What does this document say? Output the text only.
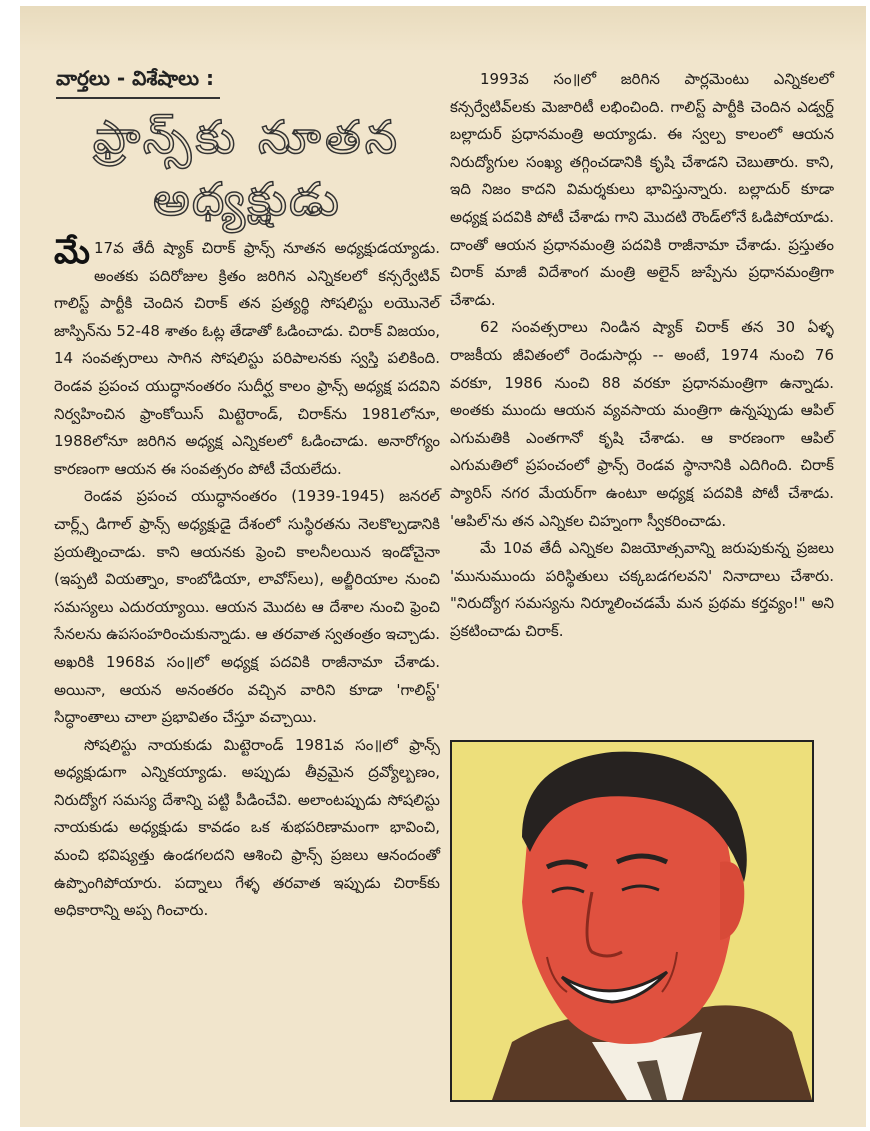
వార్తలు - విశేషాలు :
ఫ్రాన్స్‌కు నూతన
అధ్యక్షుడు

మే 17వ తేదీ ష్యాక్ చిరాక్ ఫ్రాన్స్ నూతన అధ్యక్షుడయ్యాడు. అంతకు పదిరోజుల క్రితం జరిగిన ఎన్నికలలో కన్సర్వేటివ్ గాలిస్ట్ పార్టీకి చెందిన చిరాక్ తన ప్రత్యర్థి సోషలిస్టు లయొనెల్ జాస్పిన్‌ను 52-48 శాతం ఓట్ల తేడాతో ఓడించాడు. చిరాక్ విజయం, 14 సంవత్సరాలు సాగిన సోషలిస్టు పరిపాలనకు స్వస్తి పలికింది. రెండవ ప్రపంచ యుద్ధానంతరం సుదీర్ఘ కాలం ఫ్రాన్స్ అధ్యక్ష పదవిని నిర్వహించిన ఫ్రాంకోయిస్ మిట్టెరాండ్, చిరాక్‌ను 1981లోనూ, 1988లోనూ జరిగిన అధ్యక్ష ఎన్నికలలో ఓడించాడు. అనారోగ్యం కారణంగా ఆయన ఈ సంవత్సరం పోటీ చేయలేదు.

రెండవ ప్రపంచ యుద్ధానంతరం (1939-1945) జనరల్ చార్ల్స్ డిగాల్ ఫ్రాన్స్ అధ్యక్షుడై దేశంలో సుస్థిరతను నెలకొల్పడానికి ప్రయత్నించాడు. కాని ఆయనకు ఫ్రెంచి కాలనీలయిన ఇండోచైనా (ఇప్పటి వియత్నాం, కాంబోడియా, లావోస్‌లు), అల్జీరియాల నుంచి సమస్యలు ఎదురయ్యాయి. ఆయన మొదట ఆ దేశాల నుంచి ఫ్రెంచి సేనలను ఉపసంహరించుకున్నాడు. ఆ తరవాత స్వతంత్రం ఇచ్చాడు. అఖరికి 1968వ సం॥లో అధ్యక్ష పదవికి రాజీనామా చేశాడు. అయినా, ఆయన అనంతరం వచ్చిన వారిని కూడా 'గాలిస్ట్' సిద్ధాంతాలు చాలా ప్రభావితం చేస్తూ వచ్చాయి.

సోషలిస్టు నాయకుడు మిట్టెరాండ్ 1981వ సం॥లో ఫ్రాన్స్ అధ్యక్షుడుగా ఎన్నికయ్యాడు. అప్పుడు తీవ్రమైన ద్రవ్యోల్బణం, నిరుద్యోగ సమస్య దేశాన్ని పట్టి పీడించేవి. అలాంటప్పుడు సోషలిస్టు నాయకుడు అధ్యక్షుడు కావడం ఒక శుభపరిణామంగా భావించి, మంచి భవిష్యత్తు ఉండగలదని ఆశించి ఫ్రాన్స్ ప్రజలు ఆనందంతో ఉప్పొంగిపోయారు. పద్నాలు గేళ్ళ తరవాత ఇప్పుడు చిరాక్‌కు అధికారాన్ని అప్ప గించారు.

1993వ సం॥లో జరిగిన పార్లమెంటు ఎన్నికలలో కన్సర్వేటివ్‌లకు మెజారిటీ లభించింది. గాలిస్ట్ పార్టీకి చెందిన ఎడ్వర్డ్ బల్లాదుర్ ప్రధానమంత్రి అయ్యాడు. ఈ స్వల్ప కాలంలో ఆయన నిరుద్యోగుల సంఖ్య తగ్గించడానికి కృషి చేశాడని చెబుతారు. కాని, ఇది నిజం కాదని విమర్శకులు భావిస్తున్నారు. బల్లాదుర్ కూడా అధ్యక్ష పదవికి పోటీ చేశాడు గాని మొదటి రౌండ్‌లోనే ఓడిపోయాడు. దాంతో ఆయన ప్రధానమంత్రి పదవికి రాజీనామా చేశాడు. ప్రస్తుతం చిరాక్ మాజీ విదేశాంగ మంత్రి అలైన్ జుప్పేను ప్రధానమంత్రిగా చేశాడు.

62 సంవత్సరాలు నిండిన ష్యాక్ చిరాక్ తన 30 ఏళ్ళ రాజకీయ జీవితంలో రెండుసార్లు -- అంటే, 1974 నుంచి 76 వరకూ, 1986 నుంచి 88 వరకూ ప్రధానమంత్రిగా ఉన్నాడు. అంతకు ముందు ఆయన వ్యవసాయ మంత్రిగా ఉన్నప్పుడు ఆపిల్ ఎగుమతికి ఎంతగానో కృషి చేశాడు. ఆ కారణంగా ఆపిల్ ఎగుమతిలో ప్రపంచంలో ఫ్రాన్స్ రెండవ స్థానానికి ఎదిగింది. చిరాక్ ప్యారిస్ నగర మేయర్‌గా ఉంటూ అధ్యక్ష పదవికి పోటీ చేశాడు. 'ఆపిల్'ను తన ఎన్నికల చిహ్నంగా స్వీకరించాడు.

మే 10వ తేదీ ఎన్నికల విజయోత్సవాన్ని జరుపుకున్న ప్రజలు 'మునుముందు పరిస్థితులు చక్కబడగలవని' నినాదాలు చేశారు. "నిరుద్యోగ సమస్యను నిర్మూలించడమే మన ప్రథమ కర్తవ్యం!" అని ప్రకటించాడు చిరాక్.
